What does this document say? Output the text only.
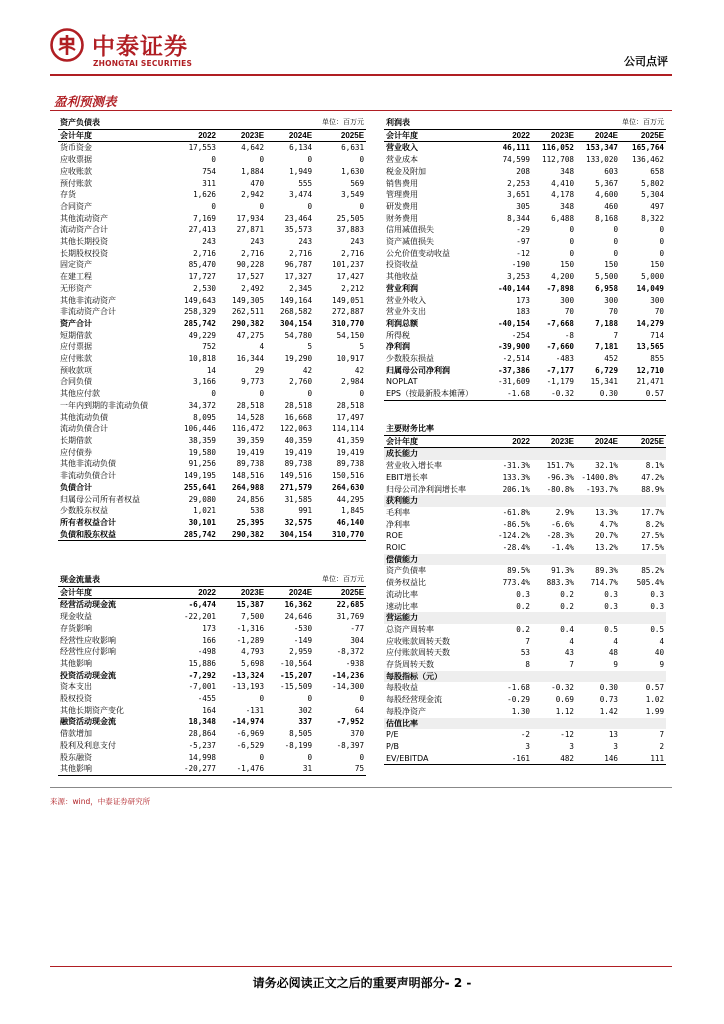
中泰证券
ZHONGTAI SECURITIES	公司点评
盈利预测表
资产负债表			单位：百万元	
会计年度	2022	2023E	2024E	2025E
货币资金	17,553	4,642	6,134	6,631
应收票据	0	0	0	0
应收账款	754	1,884	1,949	1,630
预付账款	311	470	555	569
存货	1,626	2,942	3,474	3,549
合同资产	0	0	0	0
其他流动资产	7,169	17,934	23,464	25,505
流动资产合计	27,413	27,871	35,573	37,883
其他长期投资	243	243	243	243
长期股权投资	2,716	2,716	2,716	2,716
固定资产	85,470	90,228	96,787	101,237
在建工程	17,727	17,527	17,327	17,427
无形资产	2,530	2,492	2,345	2,212
其他非流动资产	149,643	149,305	149,164	149,051
非流动资产合计	258,329	262,511	268,582	272,887
资产合计	285,742	290,382	304,154	310,770
短期借款	49,229	47,275	54,780	54,150
应付票据	752	4	5	5
应付账款	10,818	16,344	19,290	10,917
预收款项	14	29	42	42
合同负债	3,166	9,773	2,760	2,984
其他应付款	0	0	0	0
一年内到期的非流动负债	34,372	28,518	28,518	28,518
其他流动负债	8,095	14,528	16,668	17,497
流动负债合计	106,446	116,472	122,063	114,114
长期借款	38,359	39,359	40,359	41,359
应付债券	19,580	19,419	19,419	19,419
其他非流动负债	91,256	89,738	89,738	89,738
非流动负债合计	149,195	148,516	149,516	150,516
负债合计	255,641	264,988	271,579	264,630
归属母公司所有者权益	29,080	24,856	31,585	44,295
少数股东权益	1,021	538	991	1,845
所有者权益合计	30,101	25,395	32,575	46,140
负债和股东权益	285,742	290,382	304,154	310,770
现金流量表			单位：百万元	
会计年度	2022	2023E	2024E	2025E
经营活动现金流	-6,474	15,387	16,362	22,685
现金收益	-22,201	7,500	24,646	31,769
存货影响	173	-1,316	-530	-77
经营性应收影响	166	-1,289	-149	304
经营性应付影响	-498	4,793	2,959	-8,372
其他影响	15,886	5,698	-10,564	-938
投资活动现金流	-7,292	-13,324	-15,207	-14,236
资本支出	-7,001	-13,193	-15,509	-14,300
股权投资	-455	0	0	0
其他长期资产变化	164	-131	302	64
融资活动现金流	18,348	-14,974	337	-7,952
借款增加	28,864	-6,969	8,505	370
股利及利息支付	-5,237	-6,529	-8,199	-8,397
股东融资	14,998	0	0	0
其他影响	-20,277	-1,476	31	75
利润表			单位：百万元	
会计年度	2022	2023E	2024E	2025E
营业收入	46,111	116,052	153,347	165,764
营业成本	74,599	112,708	133,020	136,462
税金及附加	208	348	603	658
销售费用	2,253	4,410	5,367	5,802
管理费用	3,651	4,178	4,600	5,304
研发费用	305	348	460	497
财务费用	8,344	6,488	8,168	8,322
信用减值损失	-29	0	0	0
资产减值损失	-97	0	0	0
公允价值变动收益	-12	0	0	0
投资收益	-190	150	150	150
其他收益	3,253	4,200	5,500	5,000
营业利润	-40,144	-7,898	6,958	14,049
营业外收入	173	300	300	300
营业外支出	183	70	70	70
利润总额	-40,154	-7,668	7,188	14,279
所得税	-254	-8	7	714
净利润	-39,900	-7,660	7,181	13,565
少数股东损益	-2,514	-483	452	855
归属母公司净利润	-37,386	-7,177	6,729	12,710
NOPLAT	-31,609	-1,179	15,341	21,471
EPS（按最新股本摊薄）	-1.68	-0.32	0.30	0.57
主要财务比率				
会计年度	2022	2023E	2024E	2025E
成长能力				
营业收入增长率	-31.3%	151.7%	32.1%	8.1%
EBIT增长率	133.3%	-96.3%	-1400.8%	47.2%
归母公司净利润增长率	206.1%	-80.8%	-193.7%	88.9%
获利能力				
毛利率	-61.8%	2.9%	13.3%	17.7%
净利率	-86.5%	-6.6%	4.7%	8.2%
ROE	-124.2%	-28.3%	20.7%	27.5%
ROIC	-28.4%	-1.4%	13.2%	17.5%
偿债能力				
资产负债率	89.5%	91.3%	89.3%	85.2%
债务权益比	773.4%	883.3%	714.7%	505.4%
流动比率	0.3	0.2	0.3	0.3
速动比率	0.2	0.2	0.3	0.3
营运能力				
总资产周转率	0.2	0.4	0.5	0.5
应收账款周转天数	7	4	4	4
应付账款周转天数	53	43	48	40
存货周转天数	8	7	9	9
每股指标（元）				
每股收益	-1.68	-0.32	0.30	0.57
每股经营现金流	-0.29	0.69	0.73	1.02
每股净资产	1.30	1.12	1.42	1.99
估值比率				
P/E	-2	-12	13	7
P/B	3	3	3	2
EV/EBITDA	-161	482	146	111
来源：wind，中泰证券研究所
请务必阅读正文之后的重要声明部分- 2 -
